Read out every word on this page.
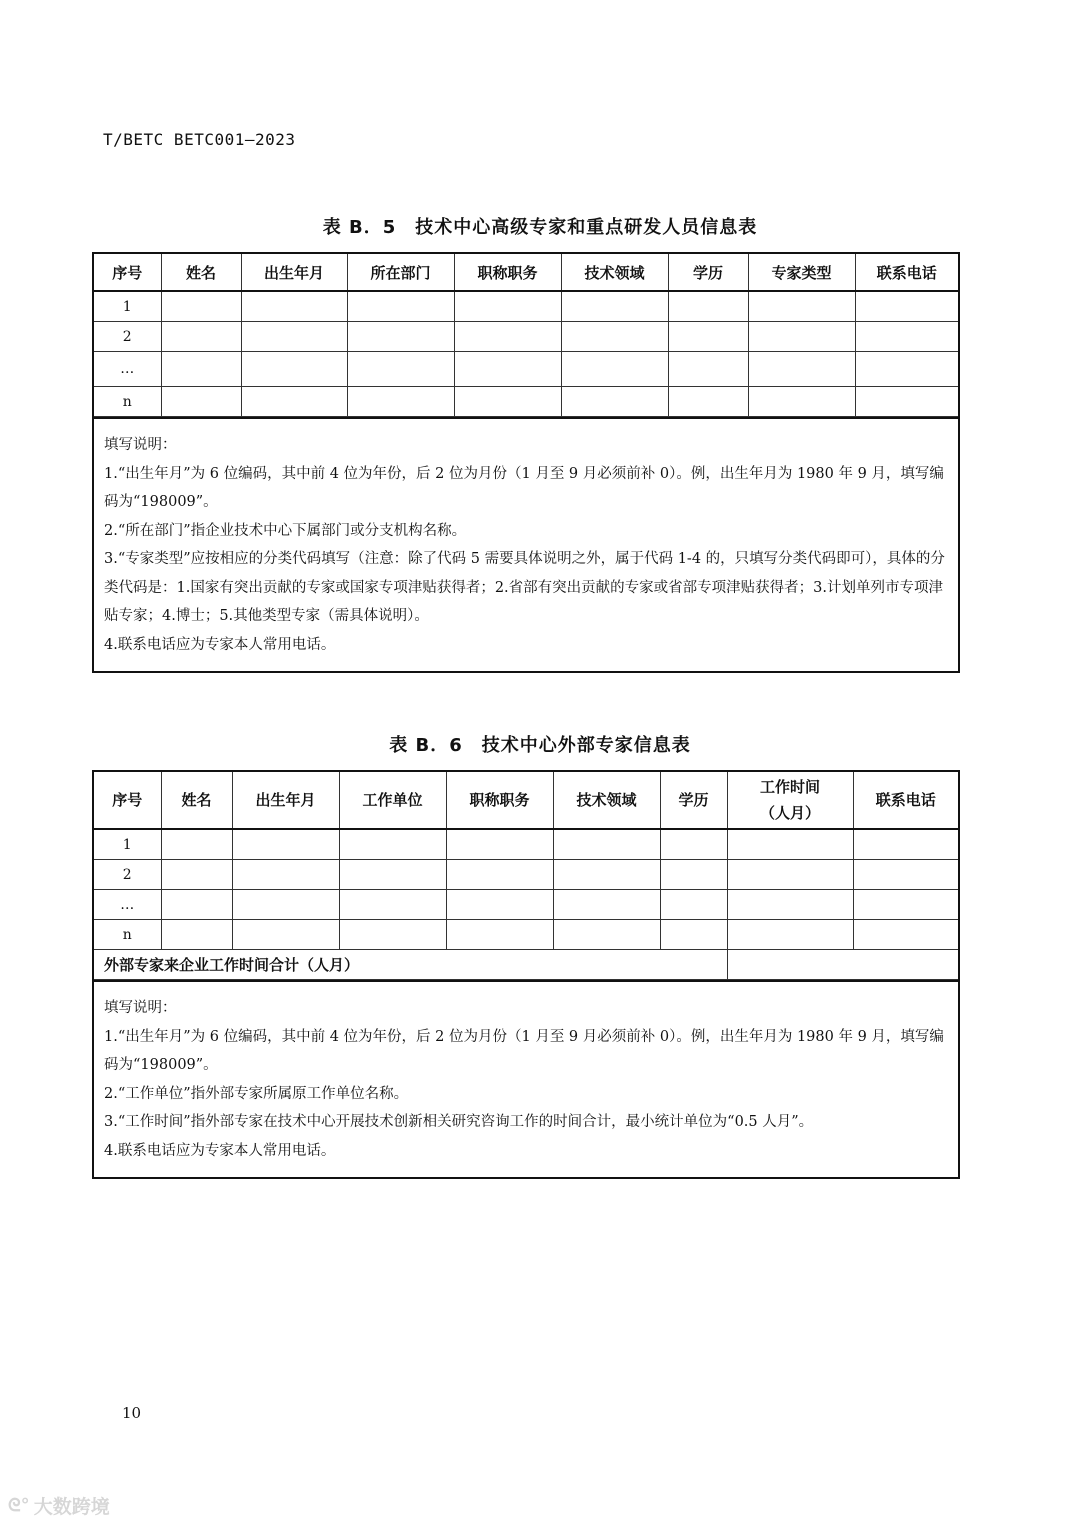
T/BETC BETC001—2023
表 B．5　技术中心高级专家和重点研发人员信息表
序号	姓名	出生年月	所在部门	职称职务	技术领域	学历	专家类型	联系电话
1								
2								
…								
n								

填写说明：

1.“出生年月”为 6 位编码，其中前 4 位为年份，后 2 位为月份（1 月至 9 月必须前补 0）。例，出生年月为 1980 年 9 月，填写编码为“198009”。

2.“所在部门”指企业技术中心下属部门或分支机构名称。

3.“专家类型”应按相应的分类代码填写（注意：除了代码 5 需要具体说明之外，属于代码 1-4 的，只填写分类代码即可），具体的分类代码是：1.国家有突出贡献的专家或国家专项津贴获得者；2.省部有突出贡献的专家或省部专项津贴获得者；3.计划单列市专项津贴专家；4.博士；5.其他类型专家（需具体说明）。

4.联系电话应为专家本人常用电话。

表 B．6　技术中心外部专家信息表
序号	姓名	出生年月	工作单位	职称职务	技术领域	学历	工作时间
（人月）	联系电话
1								
2								
…								
n								
外部专家来企业工作时间合计（人月）								

填写说明：

1.“出生年月”为 6 位编码，其中前 4 位为年份，后 2 位为月份（1 月至 9 月必须前补 0）。例，出生年月为 1980 年 9 月，填写编码为“198009”。

2.“工作单位”指外部专家所属原工作单位名称。

3.“工作时间”指外部专家在技术中心开展技术创新相关研究咨询工作的时间合计，最小统计单位为“0.5 人月”。

4.联系电话应为专家本人常用电话。

10
ᘓ° 大数跨境
